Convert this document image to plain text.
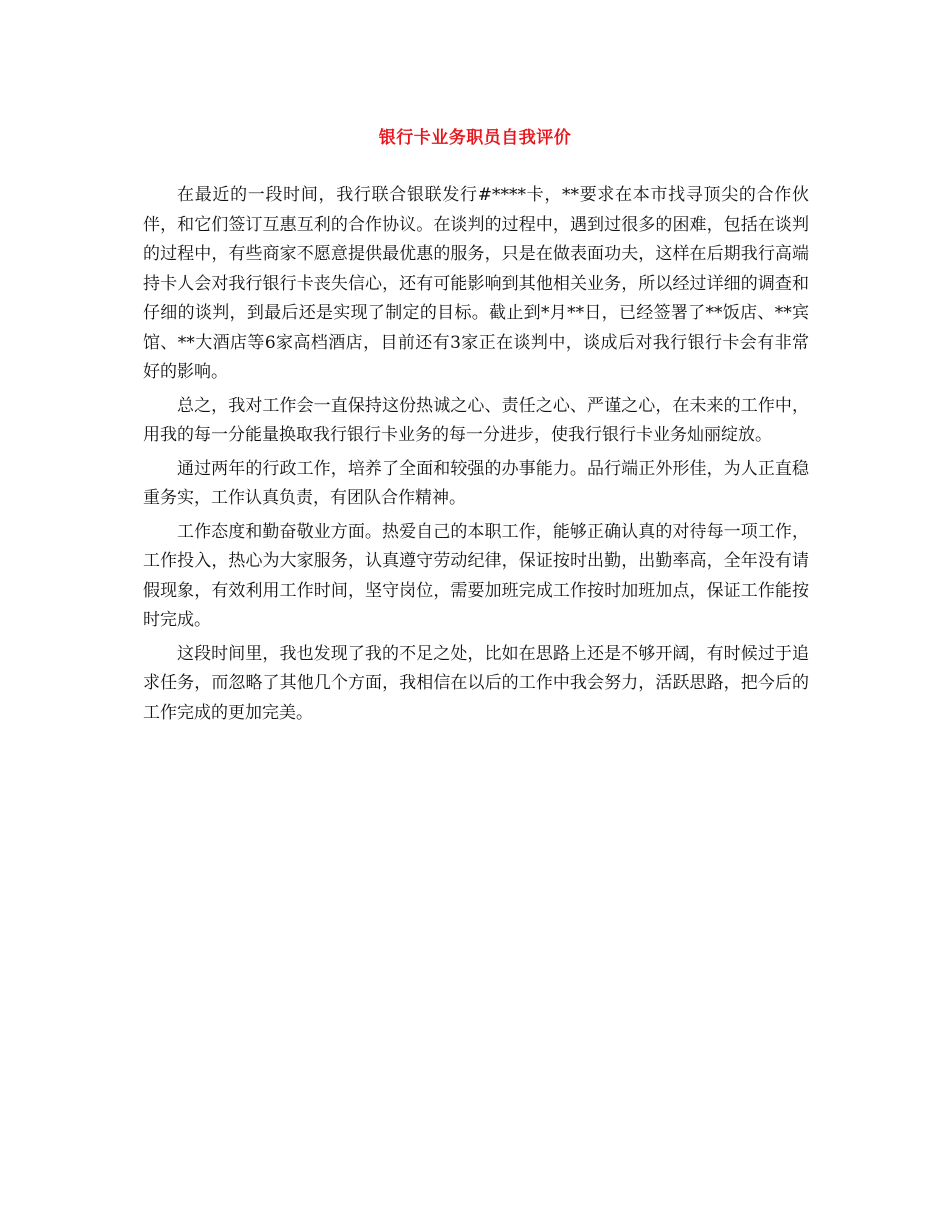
银行卡业务职员自我评价

在最近的一段时间，我行联合银联发行#****卡，**要求在本市找寻顶尖的合作伙伴，和它们签订互惠互利的合作协议。在谈判的过程中，遇到过很多的困难，包括在谈判的过程中，有些商家不愿意提供最优惠的服务，只是在做表面功夫，这样在后期我行高端持卡人会对我行银行卡丧失信心，还有可能影响到其他相关业务，所以经过详细的调查和仔细的谈判，到最后还是实现了制定的目标。截止到*月**日，已经签署了**饭店、**宾馆、**大酒店等6家高档酒店，目前还有3家正在谈判中，谈成后对我行银行卡会有非常好的影响。

总之，我对工作会一直保持这份热诚之心、责任之心、严谨之心，在未来的工作中，用我的每一分能量换取我行银行卡业务的每一分进步，使我行银行卡业务灿丽绽放。

通过两年的行政工作，培养了全面和较强的办事能力。品行端正外形佳，为人正直稳重务实，工作认真负责，有团队合作精神。

工作态度和勤奋敬业方面。热爱自己的本职工作，能够正确认真的对待每一项工作，工作投入，热心为大家服务，认真遵守劳动纪律，保证按时出勤，出勤率高，全年没有请假现象，有效利用工作时间，坚守岗位，需要加班完成工作按时加班加点，保证工作能按时完成。

这段时间里，我也发现了我的不足之处，比如在思路上还是不够开阔，有时候过于追求任务，而忽略了其他几个方面，我相信在以后的工作中我会努力，活跃思路，把今后的工作完成的更加完美。
